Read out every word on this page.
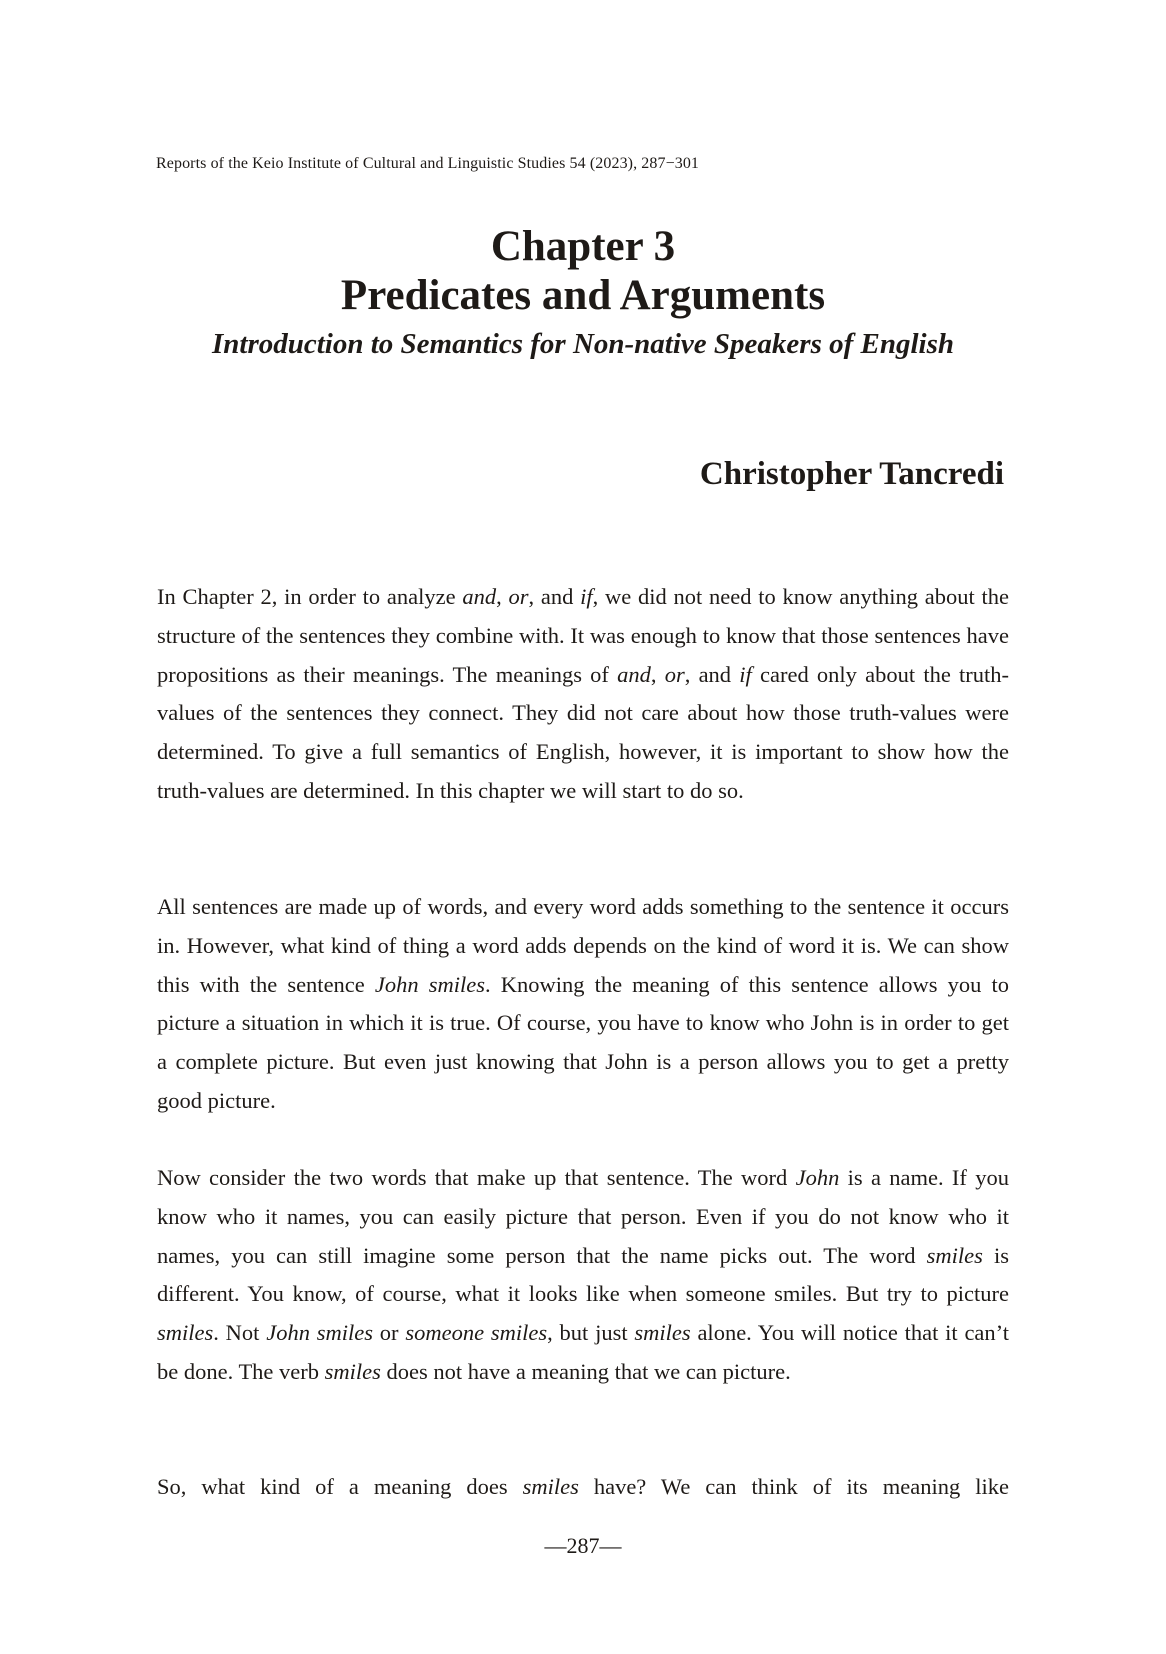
Reports of the Keio Institute of Cultural and Linguistic Studies 54 (2023), 287−301
Chapter 3
Predicates and Arguments
Introduction to Semantics for Non-native Speakers of English
Christopher Tancredi

In Chapter 2, in order to analyze and, or, and if, we did not need to know anything about the structure of the sentences they combine with. It was enough to know that those sentences have propositions as their meanings. The meanings of and, or, and if cared only about the truth-values of the sentences they connect. They did not care about how those truth-values were determined. To give a full semantics of English, however, it is important to show how the truth-values are determined. In this chapter we will start to do so.

All sentences are made up of words, and every word adds something to the sentence it occurs in. However, what kind of thing a word adds depends on the kind of word it is. We can show this with the sentence John smiles. Knowing the meaning of this sentence allows you to picture a situation in which it is true. Of course, you have to know who John is in order to get a complete picture. But even just knowing that John is a person allows you to get a pretty good picture.

Now consider the two words that make up that sentence. The word John is a name. If you know who it names, you can easily picture that person. Even if you do not know who it names, you can still imagine some person that the name picks out. The word smiles is different. You know, of course, what it looks like when someone smiles. But try to picture smiles. Not John smiles or someone smiles, but just smiles alone. You will notice that it can’t be done. The verb smiles does not have a meaning that we can picture.

So, what kind of a meaning does smiles have? We can think of its meaning like

—287—
